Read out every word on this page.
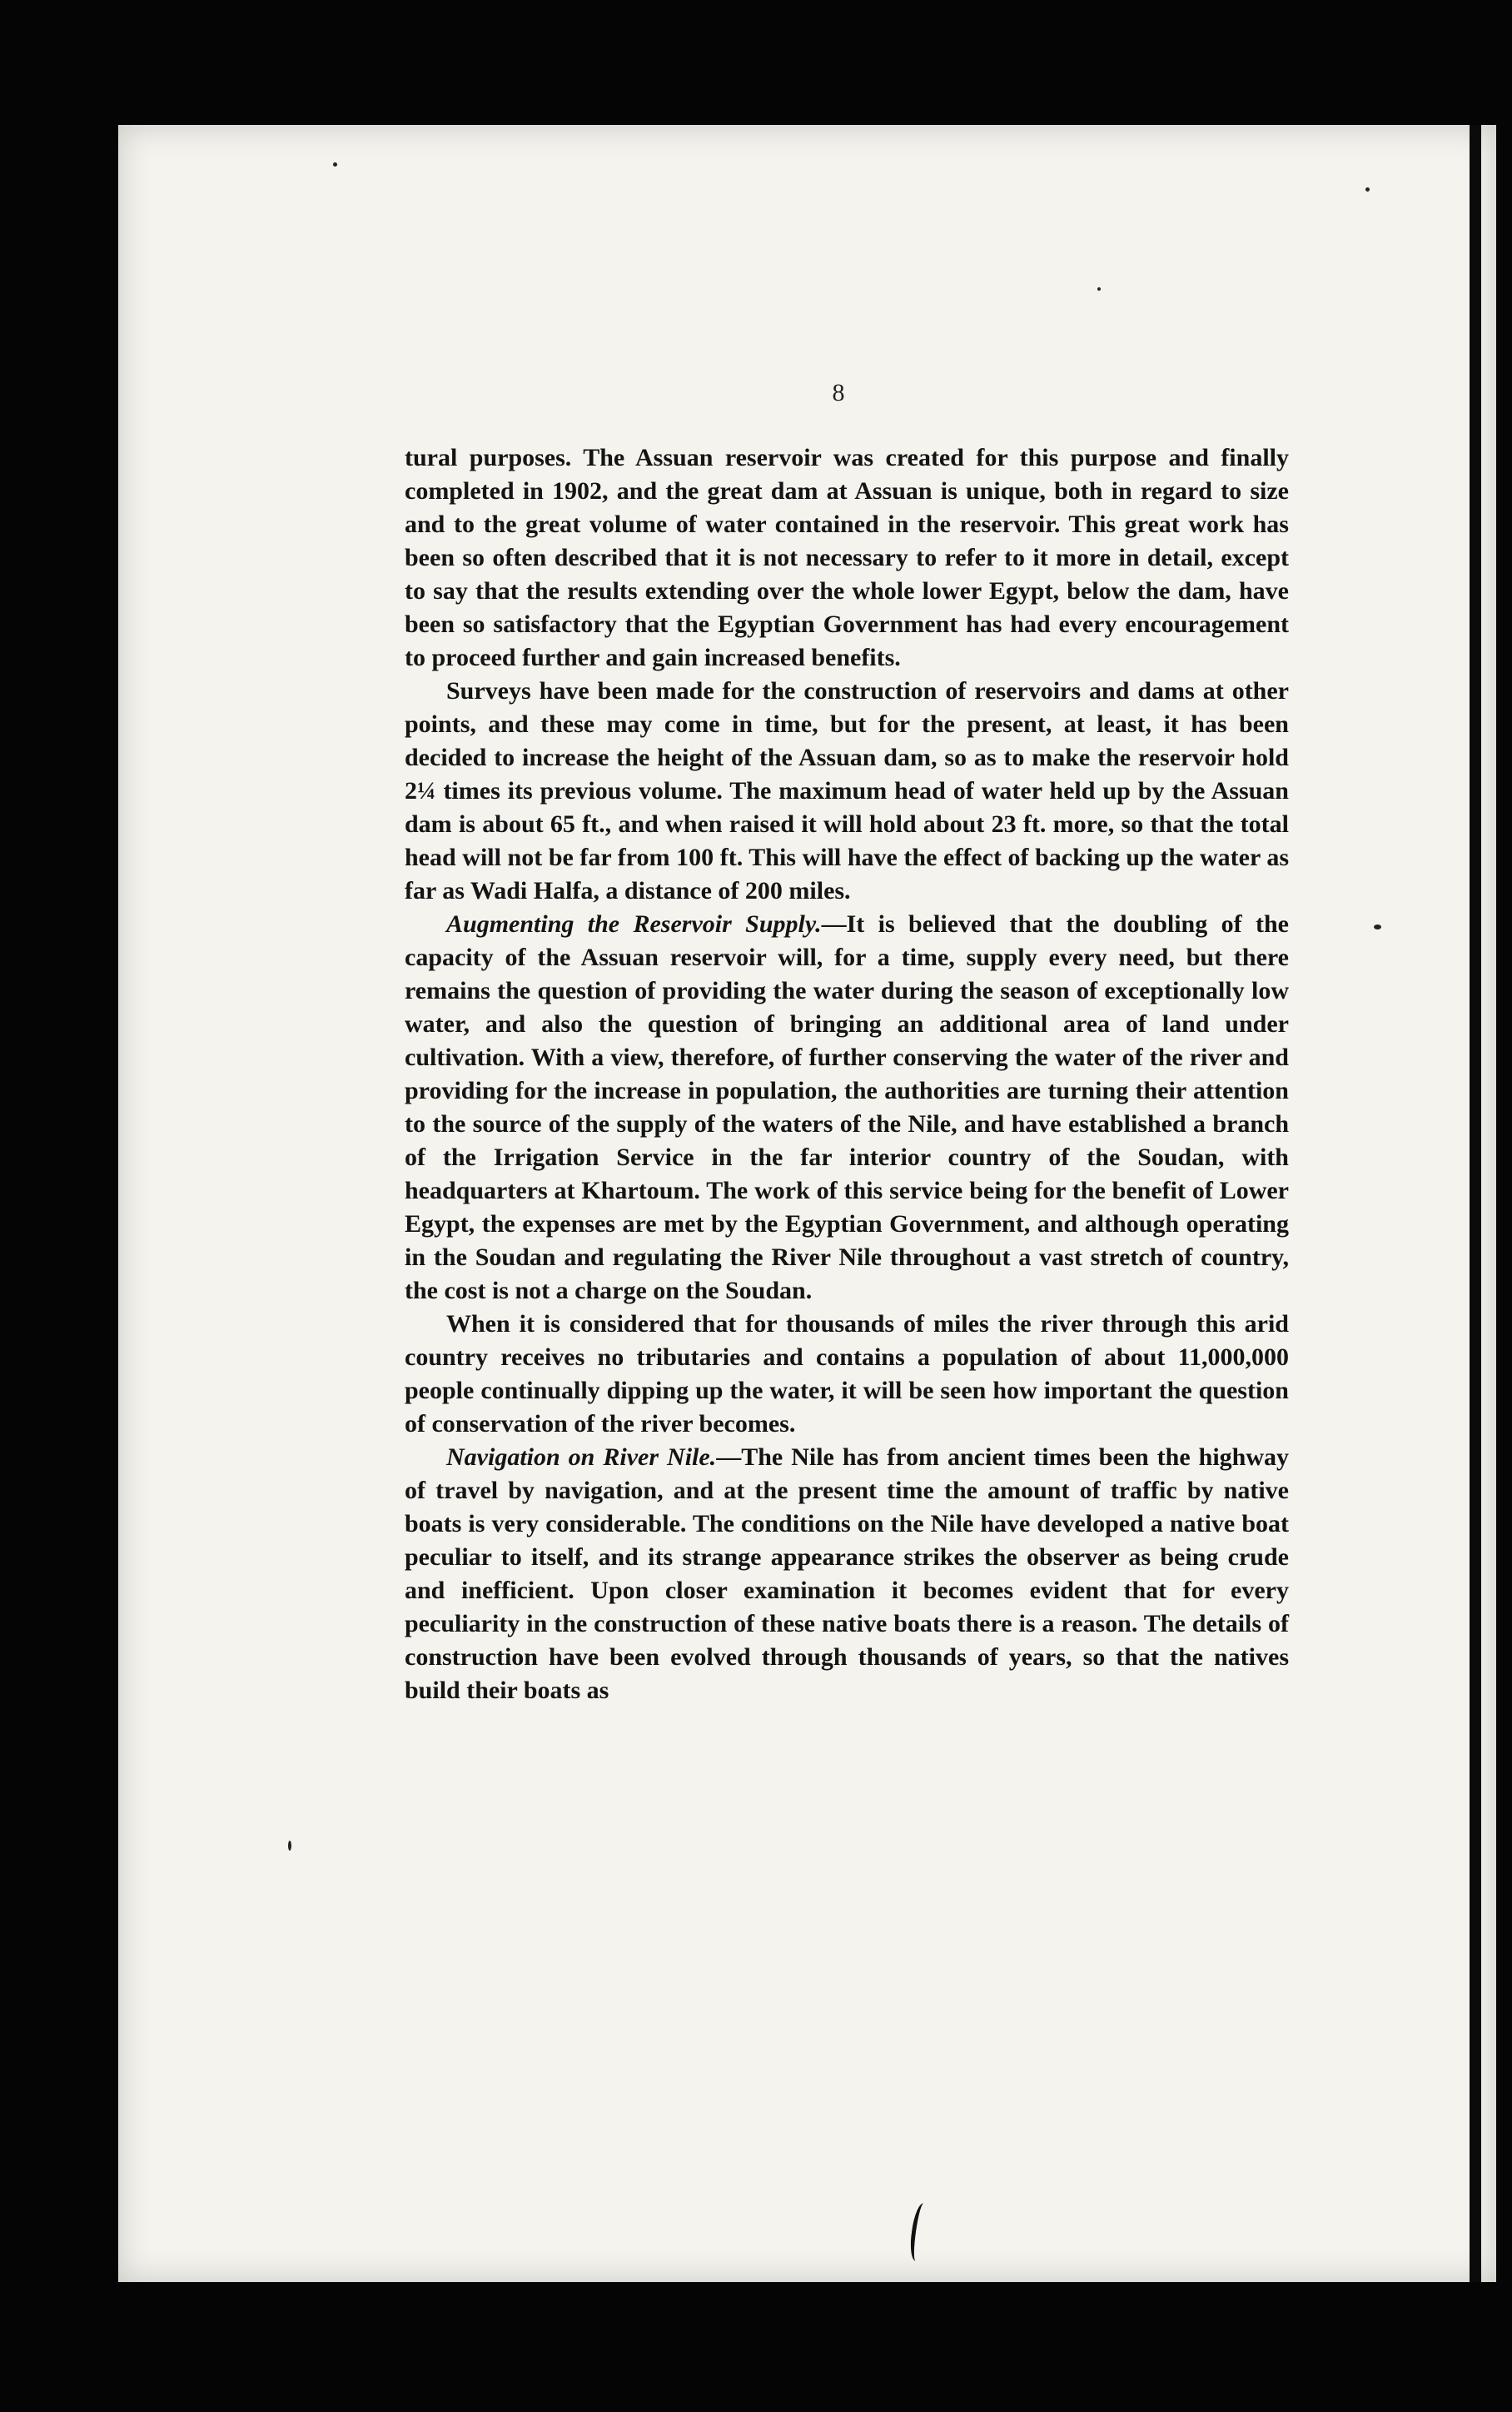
8

tural purposes. The Assuan reservoir was created for this purpose and finally completed in 1902, and the great dam at Assuan is unique, both in regard to size and to the great volume of water contained in the reservoir. This great work has been so often described that it is not necessary to refer to it more in detail, except to say that the results extending over the whole lower Egypt, below the dam, have been so satisfactory that the Egyptian Government has had every encouragement to proceed further and gain increased benefits.

Surveys have been made for the construction of reservoirs and dams at other points, and these may come in time, but for the present, at least, it has been decided to increase the height of the Assuan dam, so as to make the reservoir hold 2¼ times its previous volume. The maximum head of water held up by the Assuan dam is about 65 ft., and when raised it will hold about 23 ft. more, so that the total head will not be far from 100 ft. This will have the effect of backing up the water as far as Wadi Halfa, a distance of 200 miles.

Augmenting the Reservoir Supply.—It is believed that the doubling of the capacity of the Assuan reservoir will, for a time, supply every need, but there remains the question of providing the water during the season of exceptionally low water, and also the question of bringing an additional area of land under cultivation. With a view, therefore, of further conserving the water of the river and providing for the increase in population, the authorities are turning their attention to the source of the supply of the waters of the Nile, and have established a branch of the Irrigation Service in the far interior country of the Soudan, with headquarters at Khartoum. The work of this service being for the benefit of Lower Egypt, the expenses are met by the Egyptian Government, and although operating in the Soudan and regulating the River Nile throughout a vast stretch of country, the cost is not a charge on the Soudan.

When it is considered that for thousands of miles the river through this arid country receives no tributaries and contains a population of about 11,000,000 people continually dipping up the water, it will be seen how important the question of conservation of the river becomes.

Navigation on River Nile.—The Nile has from ancient times been the highway of travel by navigation, and at the present time the amount of traffic by native boats is very considerable. The conditions on the Nile have developed a native boat peculiar to itself, and its strange appearance strikes the observer as being crude and inefficient. Upon closer examination it becomes evident that for every peculiarity in the construction of these native boats there is a reason. The details of construction have been evolved through thousands of years, so that the natives build their boats as
